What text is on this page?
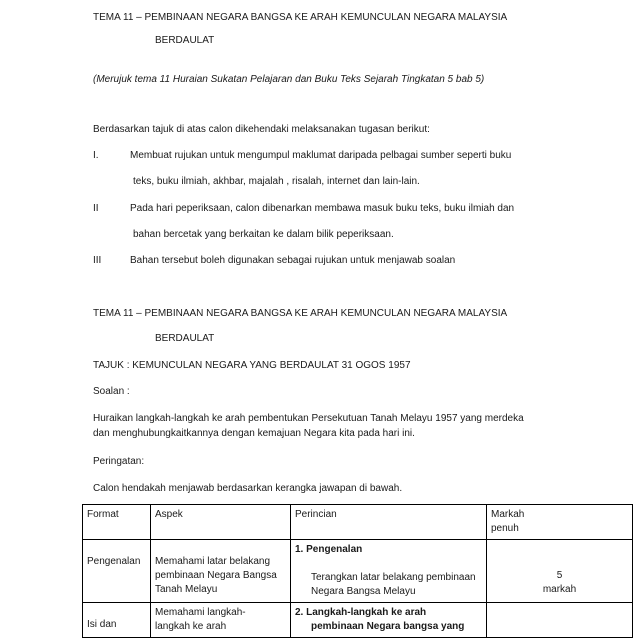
TEMA 11 – PEMBINAAN NEGARA BANGSA KE ARAH KEMUNCULAN NEGARA MALAYSIA
BERDAULAT
(Merujuk tema 11 Huraian Sukatan Pelajaran dan Buku Teks Sejarah Tingkatan 5 bab 5)
Berdasarkan tajuk di atas calon dikehendaki melaksanakan tugasan berikut:
I.	Membuat rujukan untuk mengumpul maklumat daripada pelbagai sumber seperti buku
teks, buku ilmiah, akhbar, majalah , risalah, internet dan lain-lain.
II	Pada hari peperiksaan, calon dibenarkan membawa masuk buku teks, buku ilmiah dan
bahan bercetak yang berkaitan ke dalam bilik peperiksaan.
III	Bahan tersebut boleh digunakan sebagai rujukan untuk menjawab soalan
TEMA 11 – PEMBINAAN NEGARA BANGSA KE ARAH KEMUNCULAN NEGARA MALAYSIA
BERDAULAT
TAJUK : KEMUNCULAN NEGARA YANG BERDAULAT 31 OGOS 1957
Soalan :
Huraikan langkah-langkah ke arah pembentukan Persekutuan Tanah Melayu 1957 yang merdeka
dan menghubungkaitkannya dengan kemajuan Negara kita pada hari ini.
Peringatan:
Calon hendakah menjawab berdasarkan kerangka jawapan di bawah.
Format	Aspek	Perincian	Markah
penuh
Pengenalan	Memahami latar belakang
pembinaan Negara Bangsa
Tanah Melayu	1. Pengenalan
Terangkan latar belakang pembinaan
Negara Bangsa Melayu	5
markah
Isi dan	Memahami langkah-
langkah ke arah	2. Langkah-langkah ke arah

pembinaan Negara bangsa yang	
